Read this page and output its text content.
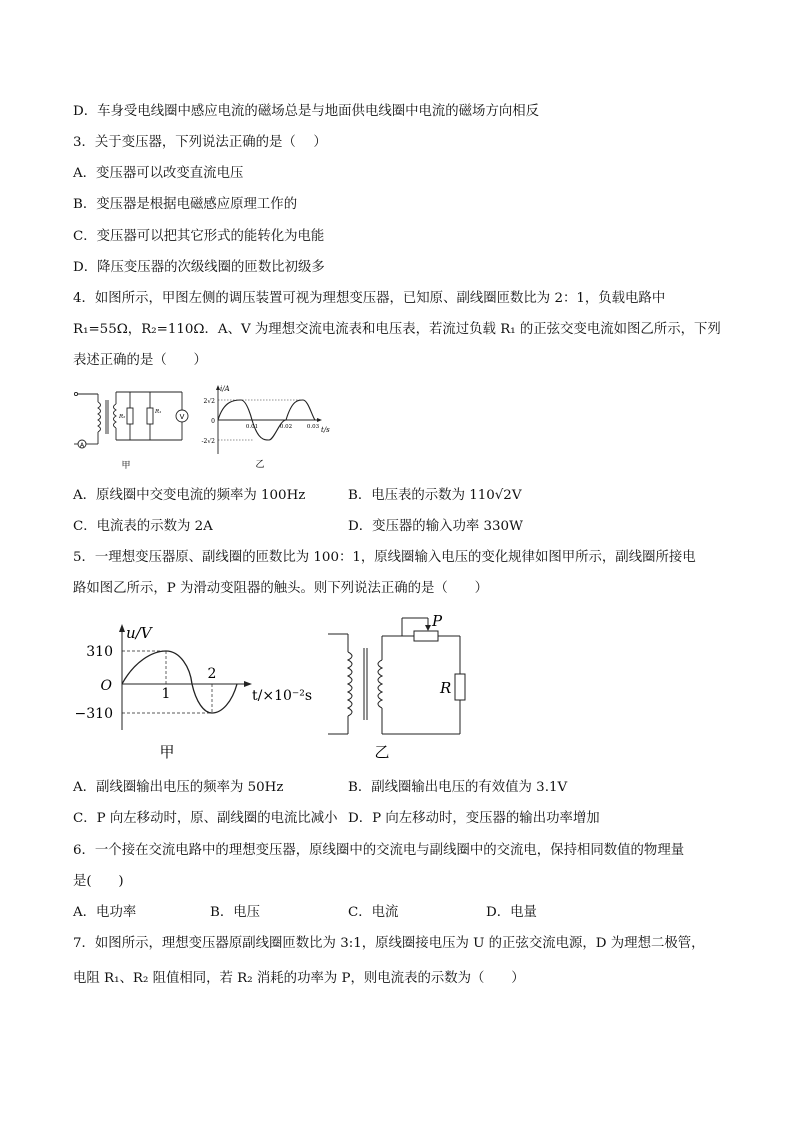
D．车身受电线圈中感应电流的磁场总是与地面供电线圈中电流的磁场方向相反
3．关于变压器，下列说法正确的是（　 ）
A．变压器可以改变直流电压
B．变压器是根据电磁感应原理工作的
C．变压器可以把其它形式的能转化为电能
D．降压变压器的次级线圈的匝数比初级多
4．如图所示，甲图左侧的调压装置可视为理想变压器，已知原、副线圈匝数比为 2：1，负载电路中
R₁=55Ω，R₂=110Ω．A、V 为理想交流电流表和电压表，若流过负载 R₁ 的正弦交变电流如图乙所示，下列
表述正确的是（　　）
A
V
R₂
R₁
甲
i/A
t/s
2√2
-2√2
0
0.01	0.02	0.03
乙
A．原线圈中交变电流的频率为 100Hz	B．电压表的示数为 110√2V
C．电流表的示数为 2A	D．变压器的输入功率 330W
5．一理想变压器原、副线圈的匝数比为 100：1，原线圈输入电压的变化规律如图甲所示，副线圈所接电
路如图乙所示，P 为滑动变阻器的触头。则下列说法正确的是（　　）
u/V
310
−310
O	1
2
t/×10⁻²s
甲
P
R
乙
A．副线圈输出电压的频率为 50Hz	B．副线圈输出电压的有效值为 3.1V
C．P 向左移动时，原、副线圈的电流比减小 D．P 向左移动时，变压器的输出功率增加
6．一个接在交流电路中的理想变压器，原线圈中的交流电与副线圈中的交流电，保持相同数值的物理量
是(　　)
A．电功率	B．电压	C．电流	D．电量
7．如图所示，理想变压器原副线圈匝数比为 3:1，原线圈接电压为 U 的正弦交流电源，D 为理想二极管，
电阻 R₁、R₂ 阻值相同，若 R₂ 消耗的功率为 P，则电流表的示数为（　　）
